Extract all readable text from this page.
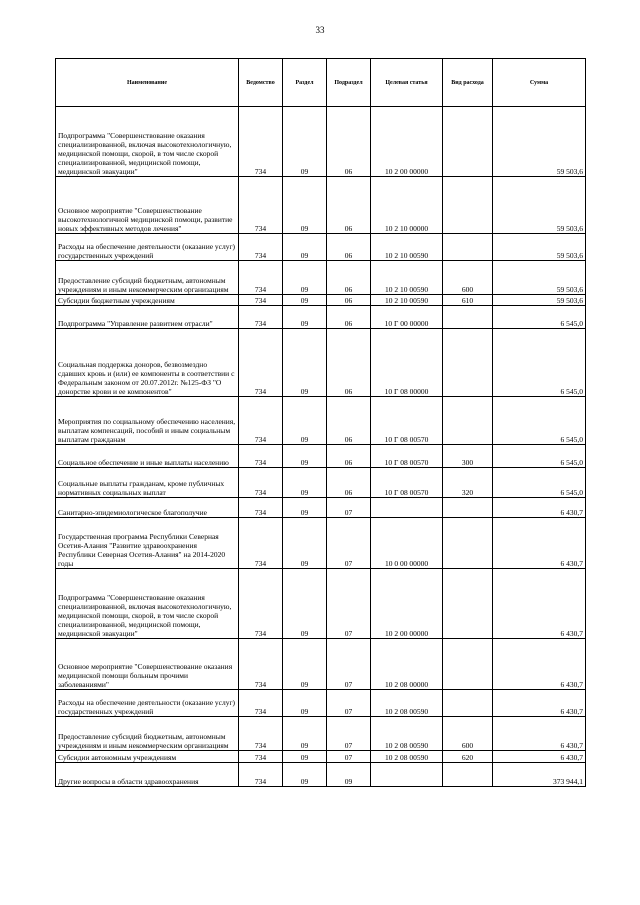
33
Наименование	Ведомство	Раздел	Подраздел	Целевая статья	Вид расхода	Сумма
Подпрограмма "Совершенствование оказания специализированной, включая высокотехнологичную, медицинской помощи, скорой, в том числе скорой специализированной, медицинской помощи, медицинской эвакуации"	734	09	06	10 2 00 00000		59 503,6
Основное мероприятие "Совершенствование высокотехнологичной медицинской помощи, развитие новых эффективных методов лечения"	734	09	06	10 2 10 00000		59 503,6
Расходы на обеспечение деятельности (оказание услуг) государственных учреждений	734	09	06	10 2 10 00590		59 503,6
Предоставление субсидий бюджетным, автономным учреждениям и иным некоммерческим организациям	734	09	06	10 2 10 00590	600	59 503,6
Субсидии бюджетным учреждениям	734	09	06	10 2 10 00590	610	59 503,6
Подпрограмма "Управление развитием отрасли"	734	09	06	10 Г 00 00000		6 545,0
Социальная поддержка доноров, безвозмездно сдавших кровь и (или) ее компоненты в соответствии с Федеральным законом от 20.07.2012г. №125-ФЗ "О донорстве крови и ее компонентов"	734	09	06	10 Г 08 00000		6 545,0
Мероприятия по социальному обеспечению населения, выплатам компенсаций, пособий и иным социальным выплатам гражданам	734	09	06	10 Г 08 00570		6 545,0
Социальное обеспечение и иные выплаты населению	734	09	06	10 Г 08 00570	300	6 545,0
Социальные выплаты гражданам, кроме публичных нормативных социальных выплат	734	09	06	10 Г 08 00570	320	6 545,0
Санитарно-эпидемиологическое благополучие	734	09	07			6 430,7
Государственная программа Республики Северная Осетия-Алания "Развитие здравоохранения Республики Северная Осетия-Алания" на 2014-2020 годы	734	09	07	10 0 00 00000		6 430,7
Подпрограмма "Совершенствование оказания специализированной, включая высокотехнологичную, медицинской помощи, скорой, в том числе скорой специализированной, медицинской помощи, медицинской эвакуации"	734	09	07	10 2 00 00000		6 430,7
Основное мероприятие "Совершенствование оказания медицинской помощи больным прочими заболеваниями"	734	09	07	10 2 08 00000		6 430,7
Расходы на обеспечение деятельности (оказание услуг) государственных учреждений	734	09	07	10 2 08 00590		6 430,7
Предоставление субсидий бюджетным, автономным учреждениям и иным некоммерческим организациям	734	09	07	10 2 08 00590	600	6 430,7
Субсидии автономным учреждениям	734	09	07	10 2 08 00590	620	6 430,7
Другие вопросы в области здравоохранения	734	09	09			373 944,1
